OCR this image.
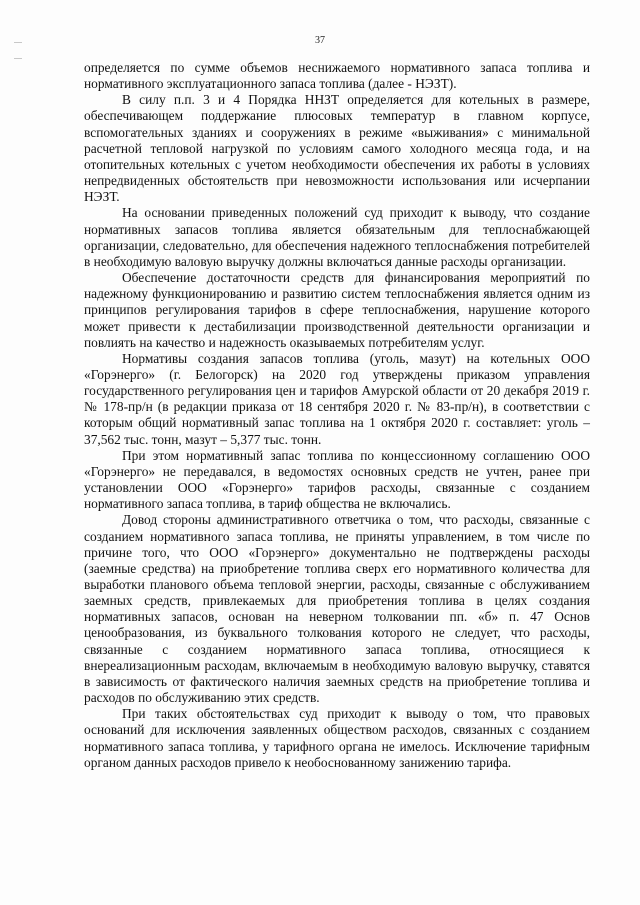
37

определяется по сумме объемов неснижаемого нормативного запаса топлива и нормативного эксплуатационного запаса топлива (далее - НЭЗТ).

В силу п.п. 3 и 4 Порядка ННЗТ определяется для котельных в размере, обеспечивающем поддержание плюсовых температур в главном корпусе, вспомогательных зданиях и сооружениях в режиме «выживания» с минимальной расчетной тепловой нагрузкой по условиям самого холодного месяца года, и на отопительных котельных с учетом необходимости обеспечения их работы в условиях непредвиденных обстоятельств при невозможности использования или исчерпании НЭЗТ.

На основании приведенных положений суд приходит к выводу, что создание нормативных запасов топлива является обязательным для теплоснабжающей организации, следовательно, для обеспечения надежного теплоснабжения потребителей в необходимую валовую выручку должны включаться данные расходы организации.

Обеспечение достаточности средств для финансирования мероприятий по надежному функционированию и развитию систем теплоснабжения является одним из принципов регулирования тарифов в сфере теплоснабжения, нарушение которого может привести к дестабилизации производственной деятельности организации и повлиять на качество и надежность оказываемых потребителям услуг.

Нормативы создания запасов топлива (уголь, мазут) на котельных ООО «Горэнерго» (г. Белогорск) на 2020 год утверждены приказом управления государственного регулирования цен и тарифов Амурской области от 20 декабря 2019 г. № 178-пр/н (в редакции приказа от 18 сентября 2020 г. № 83-пр/н), в соответствии с которым общий нормативный запас топлива на 1 октября 2020 г. составляет: уголь – 37,562 тыс. тонн, мазут – 5,377 тыс. тонн.

При этом нормативный запас топлива по концессионному соглашению ООО «Горэнерго» не передавался, в ведомостях основных средств не учтен, ранее при установлении ООО «Горэнерго» тарифов расходы, связанные с созданием нормативного запаса топлива, в тариф общества не включались.

Довод стороны административного ответчика о том, что расходы, связанные с созданием нормативного запаса топлива, не приняты управлением, в том числе по причине того, что ООО «Горэнерго» документально не подтверждены расходы (заемные средства) на приобретение топлива сверх его нормативного количества для выработки планового объема тепловой энергии, расходы, связанные с обслуживанием заемных средств, привлекаемых для приобретения топлива в целях создания нормативных запасов, основан на неверном толковании пп. «б» п. 47 Основ ценообразования, из буквального толкования которого не следует, что расходы, связанные с созданием нормативного запаса топлива, относящиеся к внереализационным расходам, включаемым в необходимую валовую выручку, ставятся в зависимость от фактического наличия заемных средств на приобретение топлива и расходов по обслуживанию этих средств.

При таких обстоятельствах суд приходит к выводу о том, что правовых оснований для исключения заявленных обществом расходов, связанных с созданием нормативного запаса топлива, у тарифного органа не имелось. Исключение тарифным органом данных расходов привело к необоснованному занижению тарифа.
